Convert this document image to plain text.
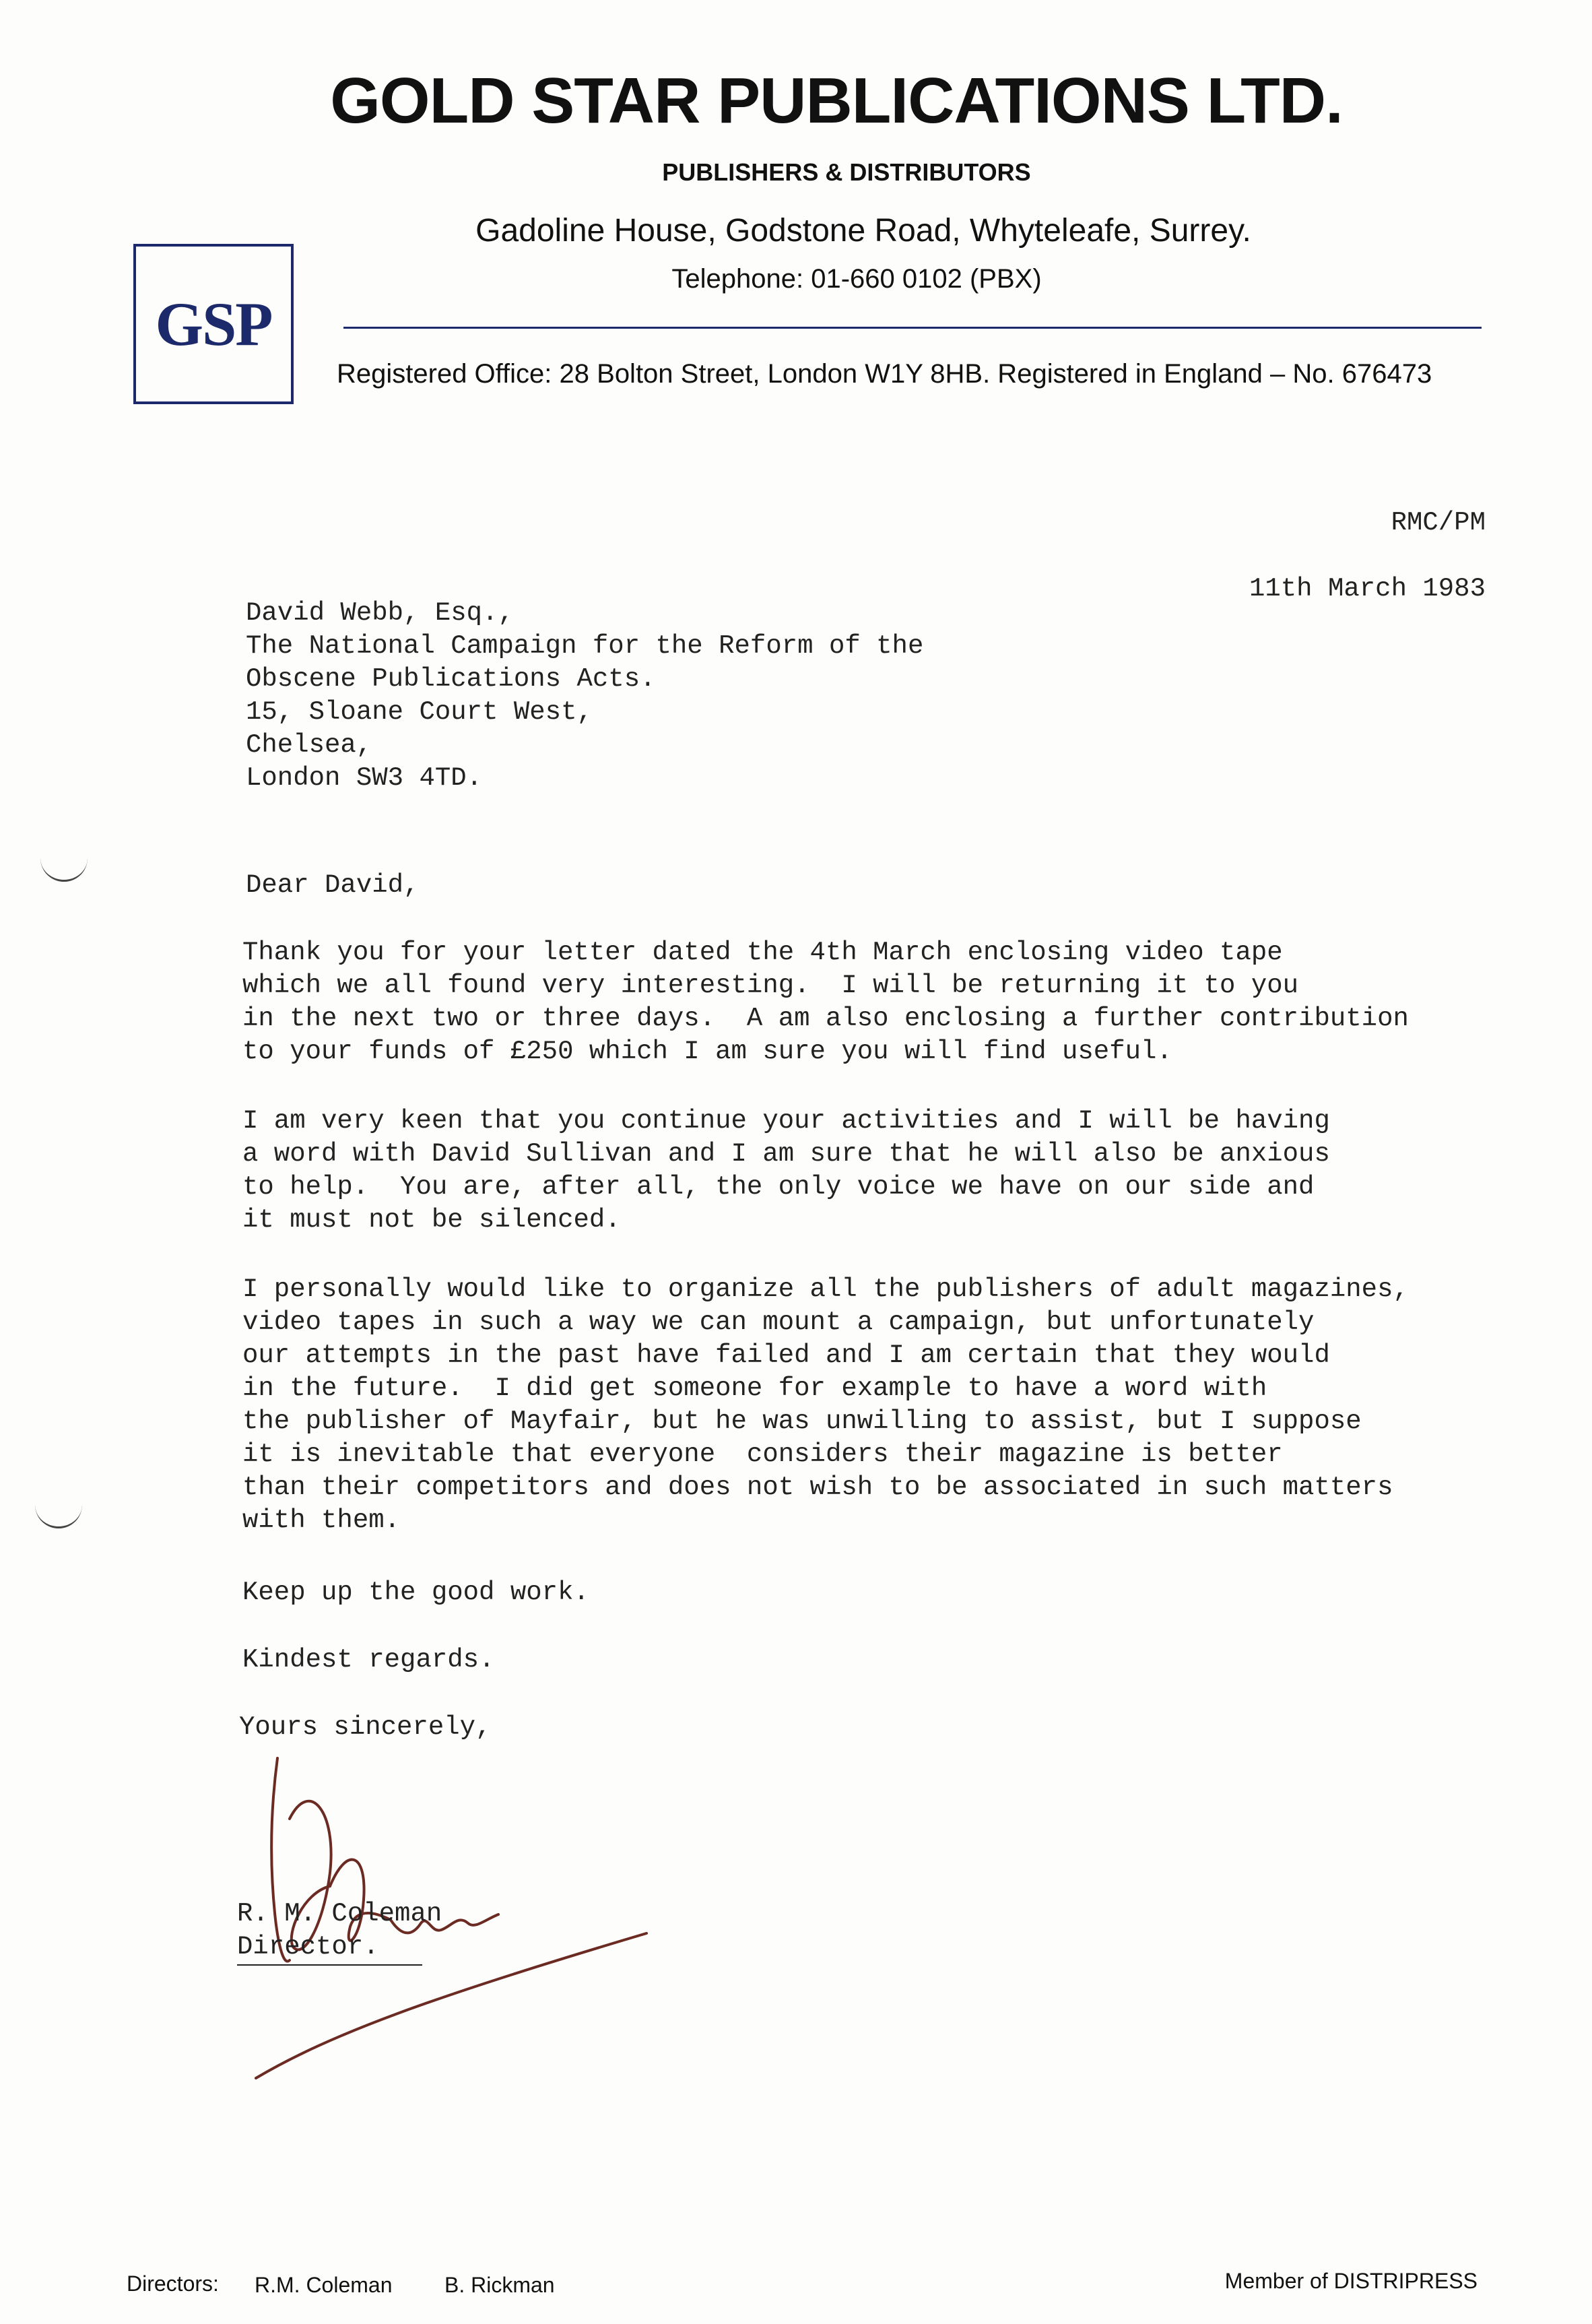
GOLD STAR PUBLICATIONS LTD.
PUBLISHERS & DISTRIBUTORS
Gadoline House, Godstone Road, Whyteleafe, Surrey.
Telephone: 01-660 0102 (PBX)
GSP
Registered Office: 28 Bolton Street, London W1Y 8HB. Registered in England – No. 676473
RMC/PM
11th March 1983
David Webb, Esq.,
The National Campaign for the Reform of the
Obscene Publications Acts.
15, Sloane Court West,
Chelsea,
London SW3 4TD.
Dear David,
Thank you for your letter dated the 4th March enclosing video tape
which we all found very interesting.  I will be returning it to you
in the next two or three days.  A am also enclosing a further contribution
to your funds of £250 which I am sure you will find useful.
I am very keen that you continue your activities and I will be having
a word with David Sullivan and I am sure that he will also be anxious
to help.  You are, after all, the only voice we have on our side and
it must not be silenced.
I personally would like to organize all the publishers of adult magazines,
video tapes in such a way we can mount a campaign, but unfortunately
our attempts in the past have failed and I am certain that they would
in the future.  I did get someone for example to have a word with
the publisher of Mayfair, but he was unwilling to assist, but I suppose
it is inevitable that everyone  considers their magazine is better
than their competitors and does not wish to be associated in such matters
with them.
Keep up the good work.
Kindest regards.
Yours sincerely,
R. M. Coleman
Director.
Directors: R.M. Coleman B. Rickman	Member of DISTRIPRESS
